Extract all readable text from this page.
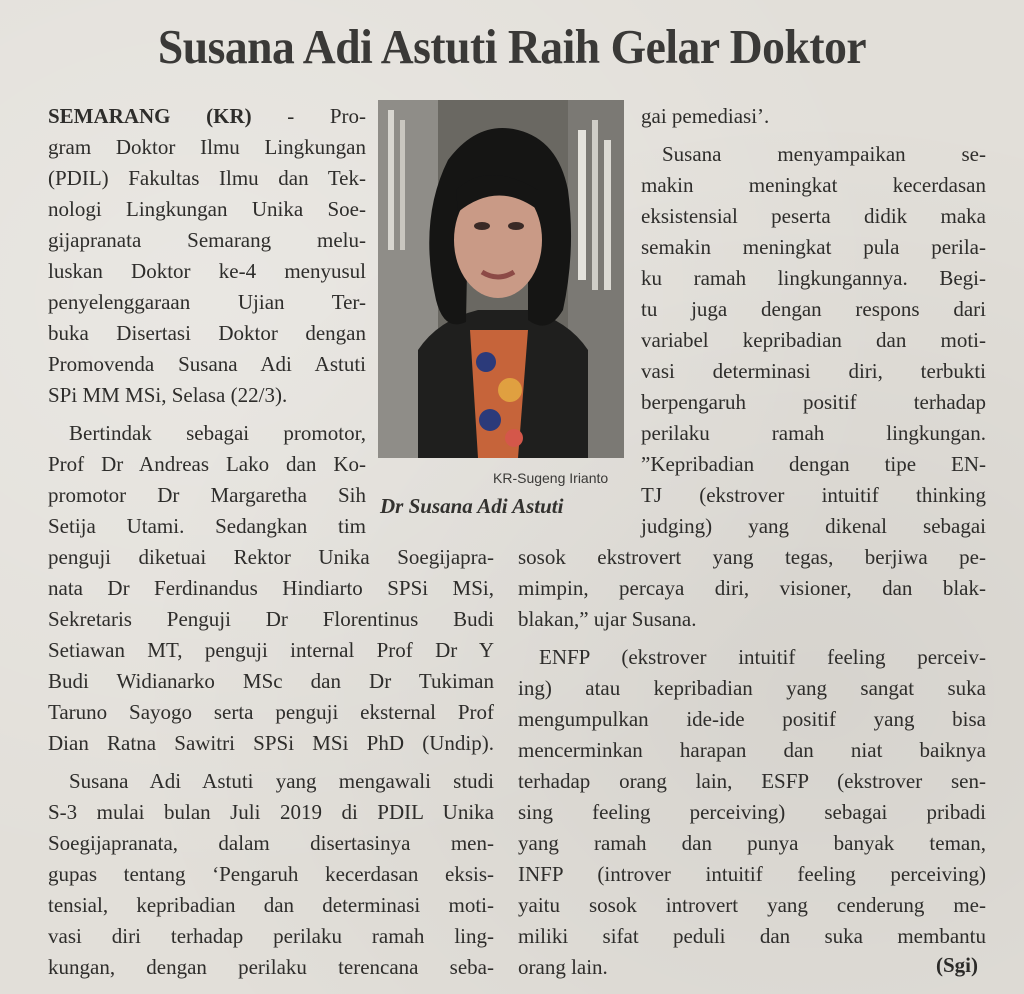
Susana Adi Astuti Raih Gelar Doktor
SEMARANG (KR) - Pro-
gram Doktor Ilmu Lingkungan
(PDIL) Fakultas Ilmu dan Tek-
nologi Lingkungan Unika Soe-
gijapranata Semarang melu-
luskan Doktor ke-4 menyusul
penyelenggaraan Ujian Ter-
buka Disertasi Doktor dengan
Promovenda Susana Adi Astuti
SPi MM MSi, Selasa (22/3).
Bertindak sebagai promotor,
Prof Dr Andreas Lako dan Ko-
promotor Dr Margaretha Sih
Setija Utami. Sedangkan tim
penguji diketuai Rektor Unika Soegijapra-
nata Dr Ferdinandus Hindiarto SPSi MSi,
Sekretaris Penguji Dr Florentinus Budi
Setiawan MT, penguji internal Prof Dr Y
Budi Widianarko MSc dan Dr Tukiman
Taruno Sayogo serta penguji eksternal Prof
Dian Ratna Sawitri SPSi MSi PhD (Undip).
Susana Adi Astuti yang mengawali studi
S-3 mulai bulan Juli 2019 di PDIL Unika
Soegijapranata, dalam disertasinya men-
gupas tentang ‘Pengaruh kecerdasan eksis-
tensial, kepribadian dan determinasi moti-
vasi diri terhadap perilaku ramah ling-
kungan, dengan perilaku terencana seba-
KR-Sugeng Irianto
Dr Susana Adi Astuti
gai pemediasi’.
Susana menyampaikan se-
makin meningkat kecerdasan
eksistensial peserta didik maka
semakin meningkat pula perila-
ku ramah lingkungannya. Begi-
tu juga dengan respons dari
variabel kepribadian dan moti-
vasi determinasi diri, terbukti
berpengaruh positif terhadap
perilaku ramah lingkungan.
”Kepribadian dengan tipe EN-
TJ (ekstrover intuitif thinking
judging) yang dikenal sebagai
sosok ekstrovert yang tegas, berjiwa pe-
mimpin, percaya diri, visioner, dan blak-
blakan,” ujar Susana.
ENFP (ekstrover intuitif feeling perceiv-
ing) atau kepribadian yang sangat suka
mengumpulkan ide-ide positif yang bisa
mencerminkan harapan dan niat baiknya
terhadap orang lain, ESFP (ekstrover sen-
sing feeling perceiving) sebagai pribadi
yang ramah dan punya banyak teman,
INFP (introver intuitif feeling perceiving)
yaitu sosok introvert yang cenderung me-
miliki sifat peduli dan suka membantu
orang lain.	(Sgi)
